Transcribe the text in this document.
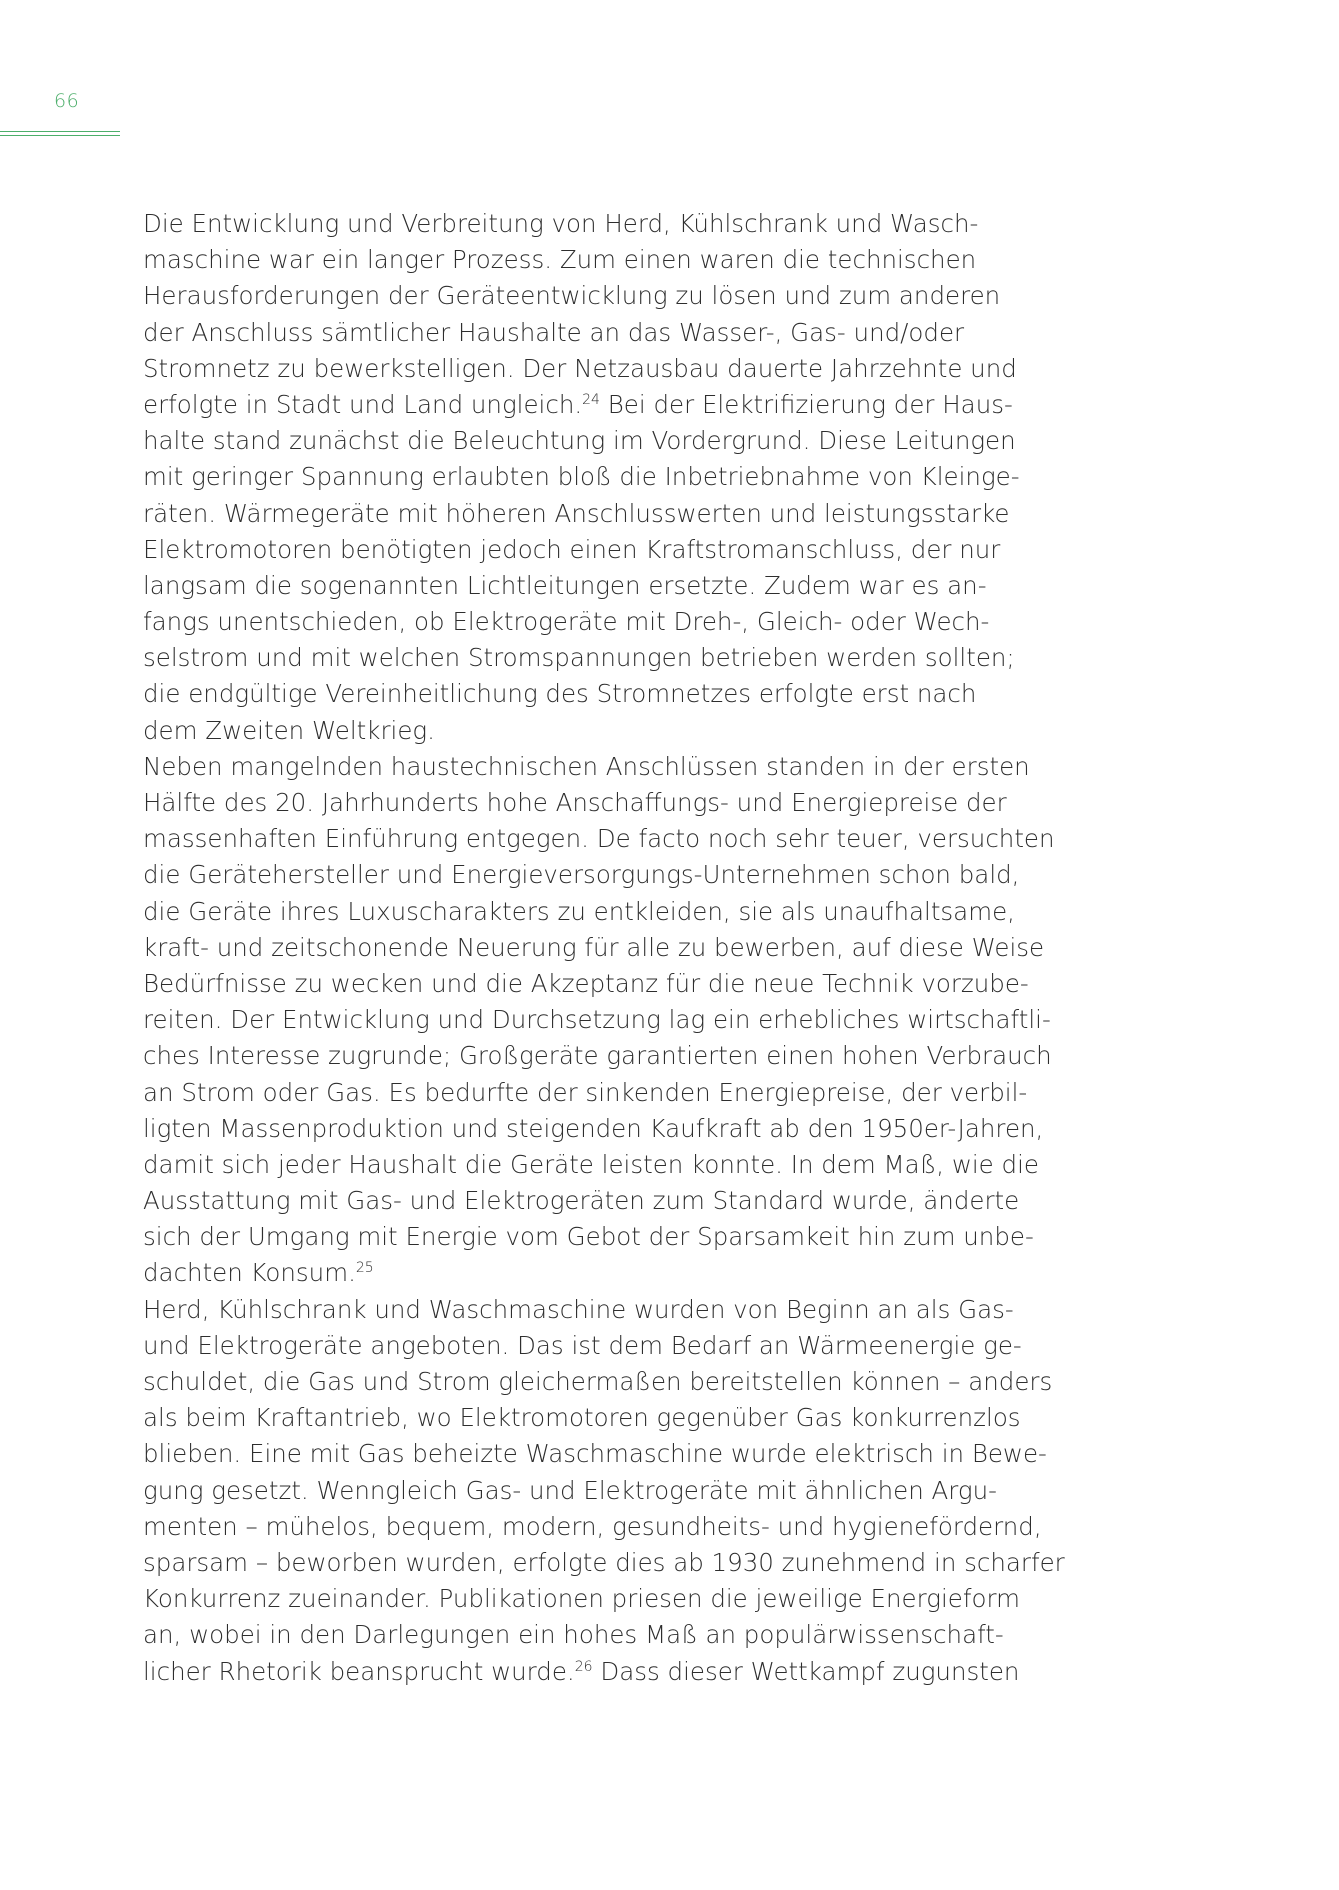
66
Die Entwicklung und Verbreitung von Herd, Kühlschrank und Wasch-
maschine war ein langer Prozess. Zum einen waren die technischen
Herausforderungen der Geräteentwicklung zu lösen und zum anderen
der Anschluss sämtlicher Haushalte an das Wasser-, Gas- und/oder
Stromnetz zu bewerkstelligen. Der Netzausbau dauerte Jahrzehnte und
erfolgte in Stadt und Land ungleich.$^{24}$ Bei der Elektrifizierung der Haus-
halte stand zunächst die Beleuchtung im Vordergrund. Diese Leitungen
mit geringer Spannung erlaubten bloß die Inbetriebnahme von Kleinge-
räten. Wärmegeräte mit höheren Anschlusswerten und leistungsstarke
Elektromotoren benötigten jedoch einen Kraftstromanschluss, der nur
langsam die sogenannten Lichtleitungen ersetzte. Zudem war es an-
fangs unentschieden, ob Elektrogeräte mit Dreh-, Gleich- oder Wech-
selstrom und mit welchen Stromspannungen betrieben werden sollten;
die endgültige Vereinheitlichung des Stromnetzes erfolgte erst nach
dem Zweiten Weltkrieg.
Neben mangelnden haustechnischen Anschlüssen standen in der ersten
Hälfte des 20. Jahrhunderts hohe Anschaffungs- und Energiepreise der
massenhaften Einführung entgegen. De facto noch sehr teuer, versuchten
die Gerätehersteller und Energieversorgungs-Unternehmen schon bald,
die Geräte ihres Luxuscharakters zu entkleiden, sie als unaufhaltsame,
kraft- und zeitschonende Neuerung für alle zu bewerben, auf diese Weise
Bedürfnisse zu wecken und die Akzeptanz für die neue Technik vorzube-
reiten. Der Entwicklung und Durchsetzung lag ein erhebliches wirtschaftli-
ches Interesse zugrunde; Großgeräte garantierten einen hohen Verbrauch
an Strom oder Gas. Es bedurfte der sinkenden Energiepreise, der verbil-
ligten Massenproduktion und steigenden Kaufkraft ab den 1950er-Jahren,
damit sich jeder Haushalt die Geräte leisten konnte. In dem Maß, wie die
Ausstattung mit Gas- und Elektrogeräten zum Standard wurde, änderte
sich der Umgang mit Energie vom Gebot der Sparsamkeit hin zum unbe-
dachten Konsum.$^{25}$
Herd, Kühlschrank und Waschmaschine wurden von Beginn an als Gas-
und Elektrogeräte angeboten. Das ist dem Bedarf an Wärmeenergie ge-
schuldet, die Gas und Strom gleichermaßen bereitstellen können – anders
als beim Kraftantrieb, wo Elektromotoren gegenüber Gas konkurrenzlos
blieben. Eine mit Gas beheizte Waschmaschine wurde elektrisch in Bewe-
gung gesetzt. Wenngleich Gas- und Elektrogeräte mit ähnlichen Argu-
menten – mühelos, bequem, modern, gesundheits- und hygienefördernd,
sparsam – beworben wurden, erfolgte dies ab 1930 zunehmend in scharfer
Konkurrenz zueinander. Publikationen priesen die jeweilige Energieform
an, wobei in den Darlegungen ein hohes Maß an populärwissenschaft-
licher Rhetorik beansprucht wurde.$^{26}$ Dass dieser Wettkampf zugunsten
